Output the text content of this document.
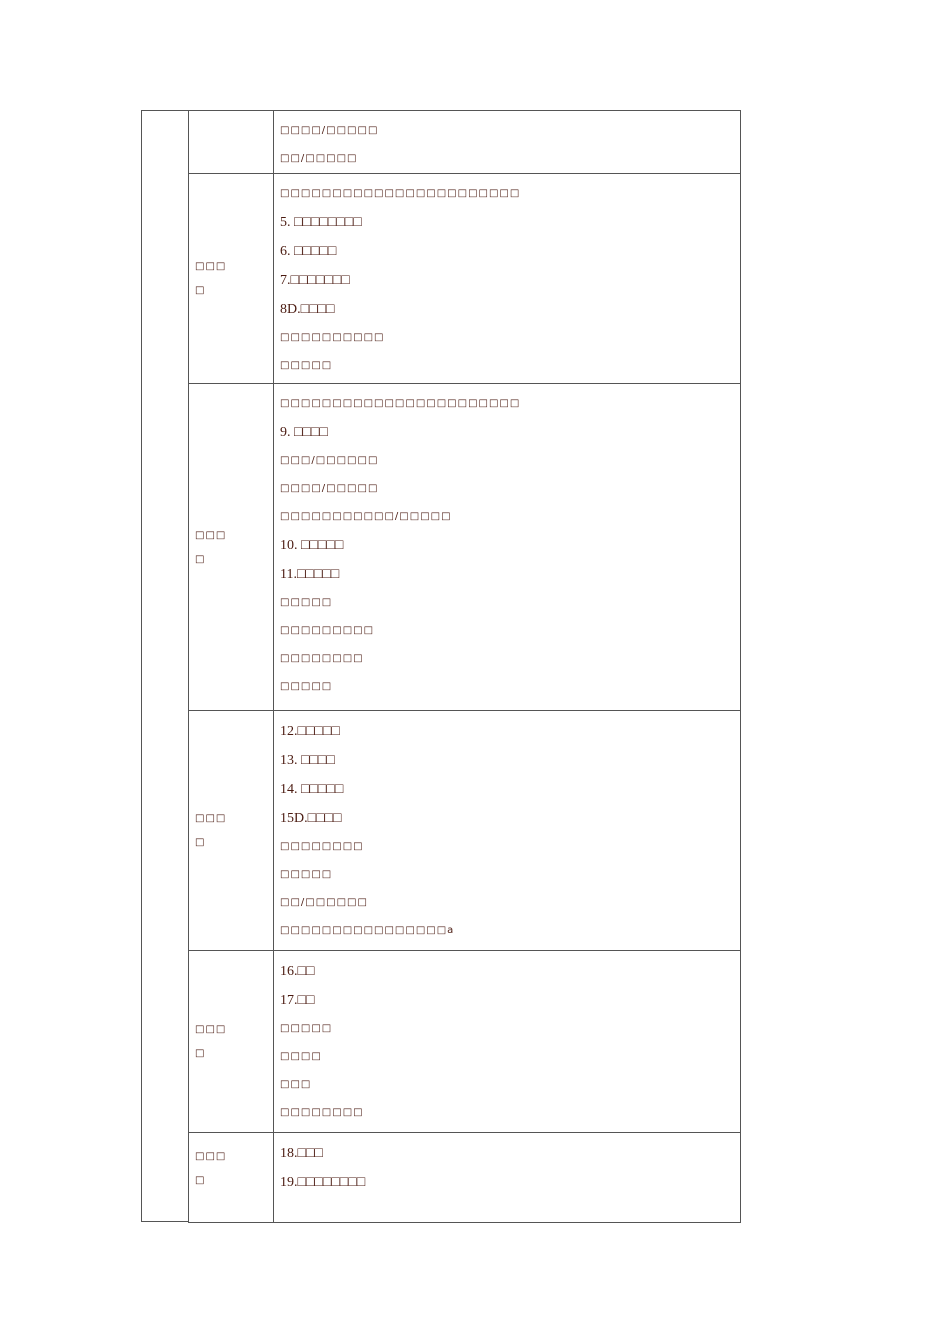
□□□□/□□□□□
□□/□□□□□
□□□
□
□□□□□□□□□□□□□□□□□□□□□□□
5. □□□□□□□□
6. □□□□□
7.□□□□□□□
8D.□□□□
□□□□□□□□□□
□□□□□
□□□
□
□□□□□□□□□□□□□□□□□□□□□□□
9. □□□□
□□□/□□□□□□
□□□□/□□□□□
□□□□□□□□□□□/□□□□□
10. □□□□□
11.□□□□□
□□□□□
□□□□□□□□□
□□□□□□□□
□□□□□
□□□
□
12.□□□□□
13. □□□□
14. □□□□□
15D.□□□□
□□□□□□□□
□□□□□
□□/□□□□□□
□□□□□□□□□□□□□□□□a
□□□
□
16.□□
17.□□
□□□□□
□□□□
□□□
□□□□□□□□
□□□
□
18.□□□
19.□□□□□□□□
